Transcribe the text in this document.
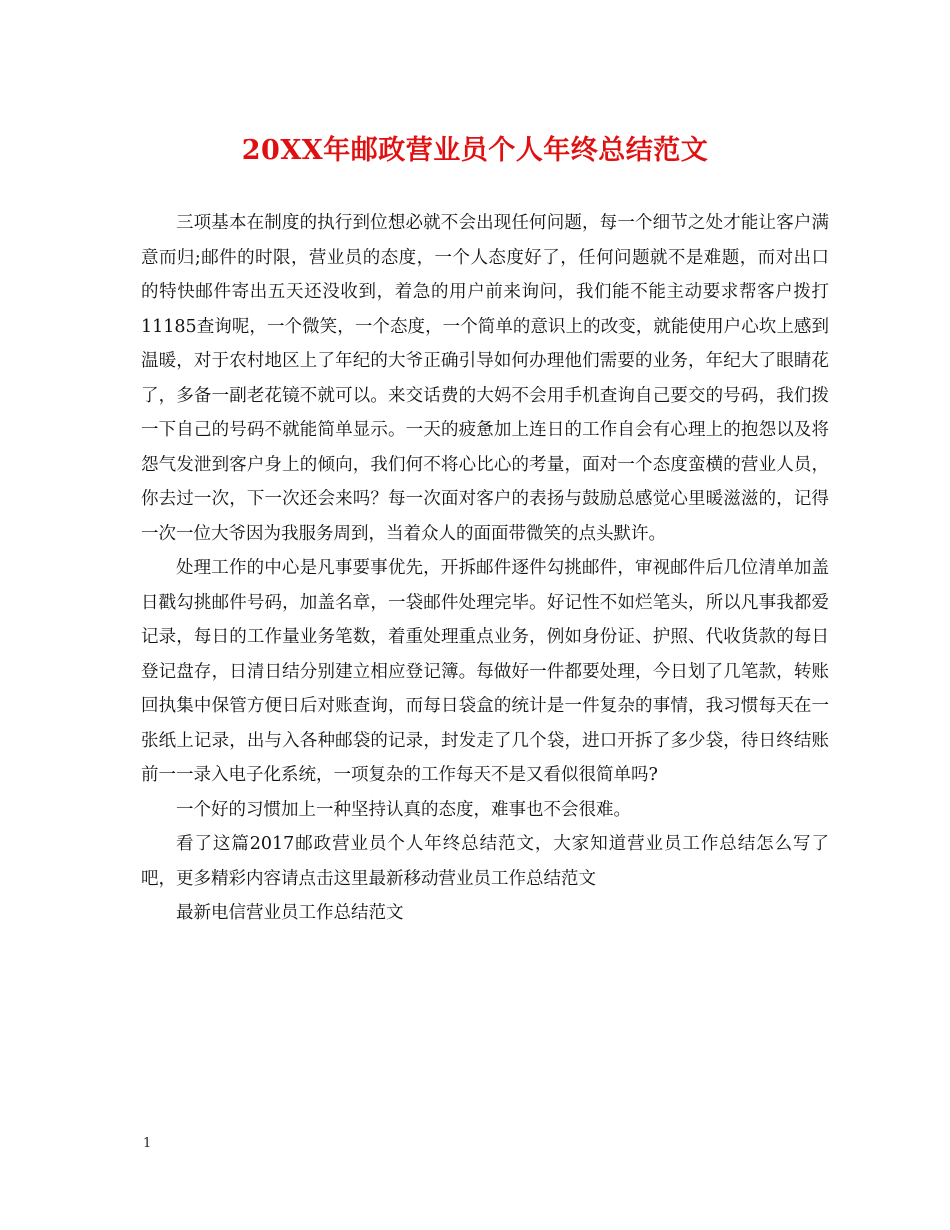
20XX年邮政营业员个人年终总结范文

三项基本在制度的执行到位想必就不会出现任何问题，每一个细节之处才能让客户满意而归;邮件的时限，营业员的态度，一个人态度好了，任何问题就不是难题，而对出口的特快邮件寄出五天还没收到，着急的用户前来询问，我们能不能主动要求帮客户拨打11185查询呢，一个微笑，一个态度，一个简单的意识上的改变，就能使用户心坎上感到温暖，对于农村地区上了年纪的大爷正确引导如何办理他们需要的业务，年纪大了眼睛花了，多备一副老花镜不就可以。来交话费的大妈不会用手机查询自己要交的号码，我们拨一下自己的号码不就能简单显示。一天的疲惫加上连日的工作自会有心理上的抱怨以及将怨气发泄到客户身上的倾向，我们何不将心比心的考量，面对一个态度蛮横的营业人员，你去过一次，下一次还会来吗？每一次面对客户的表扬与鼓励总感觉心里暖滋滋的，记得一次一位大爷因为我服务周到，当着众人的面面带微笑的点头默许。

处理工作的中心是凡事要事优先，开拆邮件逐件勾挑邮件，审视邮件后几位清单加盖日戳勾挑邮件号码，加盖名章，一袋邮件处理完毕。好记性不如烂笔头，所以凡事我都爱记录，每日的工作量业务笔数，着重处理重点业务，例如身份证、护照、代收货款的每日登记盘存，日清日结分别建立相应登记簿。每做好一件都要处理，今日划了几笔款，转账回执集中保管方便日后对账查询，而每日袋盒的统计是一件复杂的事情，我习惯每天在一张纸上记录，出与入各种邮袋的记录，封发走了几个袋，进口开拆了多少袋，待日终结账前一一录入电子化系统，一项复杂的工作每天不是又看似很简单吗?

一个好的习惯加上一种坚持认真的态度，难事也不会很难。

看了这篇2017邮政营业员个人年终总结范文，大家知道营业员工作总结怎么写了吧，更多精彩内容请点击这里最新移动营业员工作总结范文

最新电信营业员工作总结范文

1
